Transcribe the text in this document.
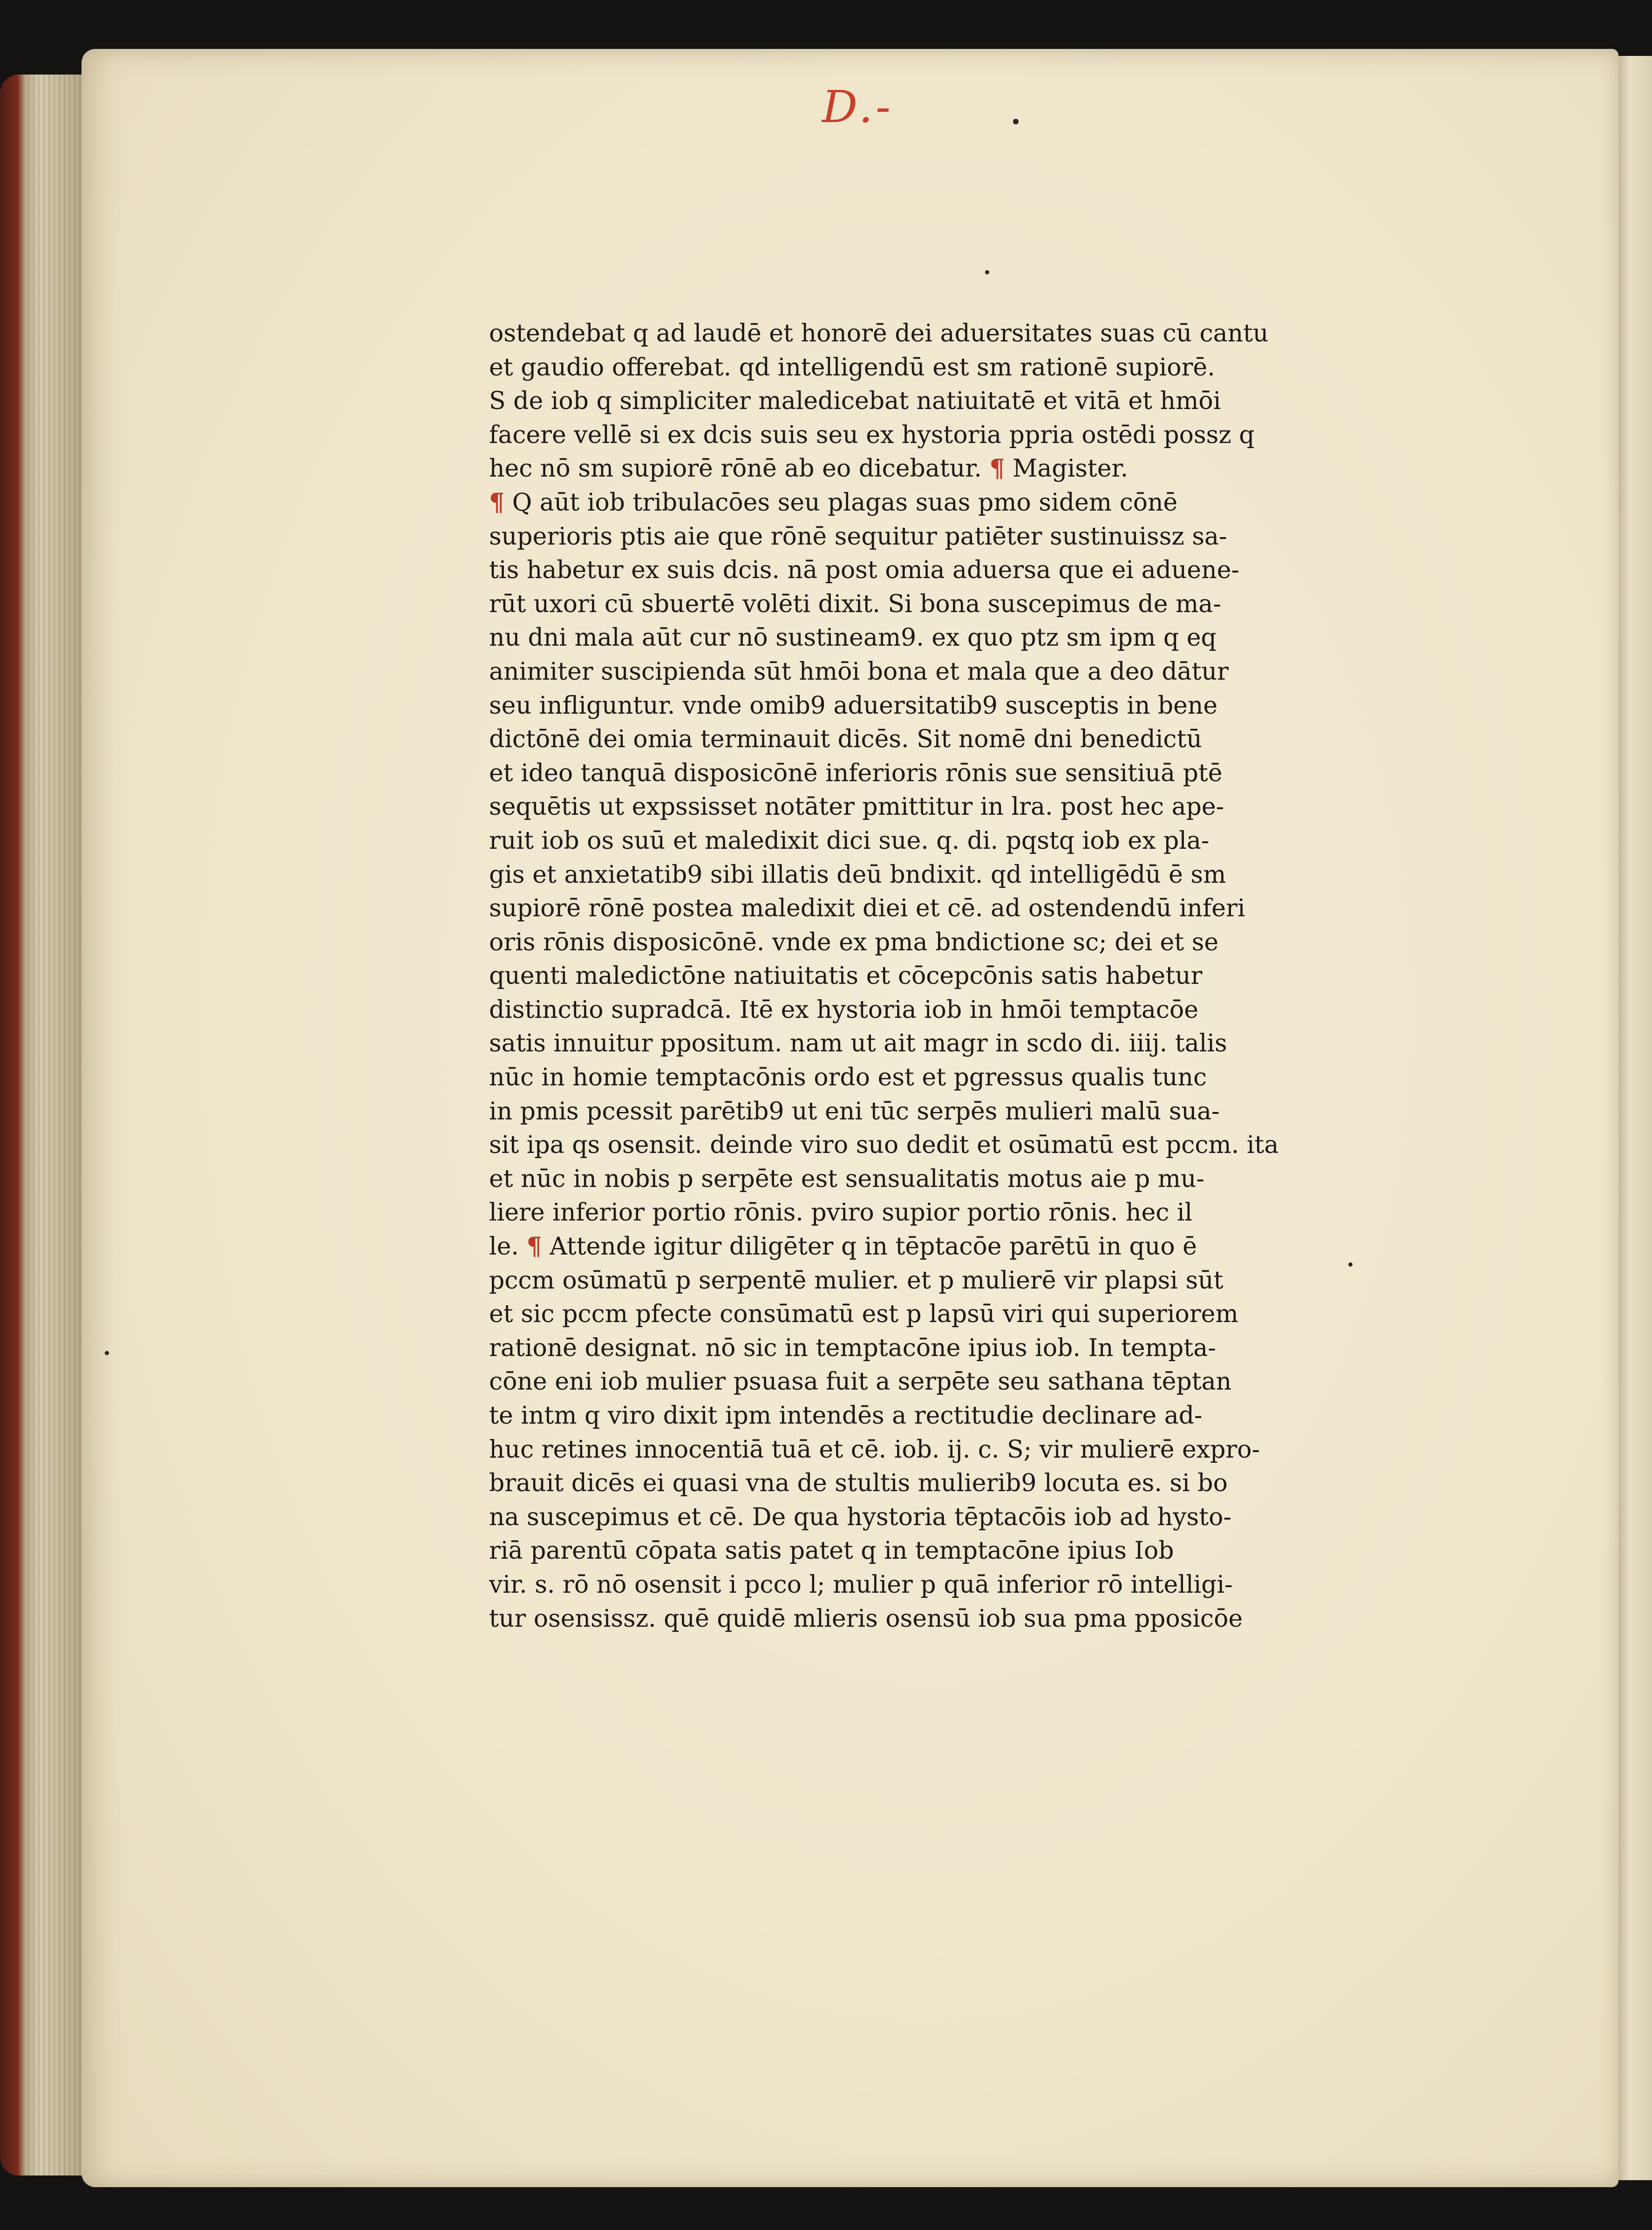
D.-
ostendebat q ad laudē et honorē dei aduersitates suas cū cantu
et gaudio offerebat. qd intelligendū est sm rationē supiorē.
S de iob q simpliciter maledicebat natiuitatē et vitā et hmōi
facere vellē si ex dcis suis seu ex hystoria ppria ostēdi possz q
hec nō sm supiorē rōnē ab eo dicebatur. ¶ Magister.
¶ Q aūt iob tribulacōes seu plagas suas pmo sidem cōnē
superioris ptis aie que rōnē sequitur patiēter sustinuissz sa-
tis habetur ex suis dcis. nā post omia aduersa que ei aduene-
rūt uxori cū sbuertē volēti dixit. Si bona suscepimus de ma-
nu dni mala aūt cur nō sustineam9. ex quo ptz sm ipm q eq
animiter suscipienda sūt hmōi bona et mala que a deo dātur
seu infliguntur. vnde omib9 aduersitatib9 susceptis in bene
dictōnē dei omia terminauit dicēs. Sit nomē dni benedictū
et ideo tanquā disposicōnē inferioris rōnis sue sensitiuā ptē
sequētis ut expssisset notāter pmittitur in lra. post hec ape-
ruit iob os suū et maledixit dici sue. q. di. pqstq iob ex pla-
gis et anxietatib9 sibi illatis deū bndixit. qd intelligēdū ē sm
supiorē rōnē postea maledixit diei et cē. ad ostendendū inferi
oris rōnis disposicōnē. vnde ex pma bndictione sc; dei et se
quenti maledictōne natiuitatis et cōcepcōnis satis habetur
distinctio supradcā. Itē ex hystoria iob in hmōi temptacōe
satis innuitur ppositum. nam ut ait magr in scdo di. iiij. talis
nūc in homie temptacōnis ordo est et pgressus qualis tunc
in pmis pcessit parētib9 ut eni tūc serpēs mulieri malū sua-
sit ipa qs osensit. deinde viro suo dedit et osūmatū est pccm. ita
et nūc in nobis p serpēte est sensualitatis motus aie p mu-
liere inferior portio rōnis. pviro supior portio rōnis. hec il
le. ¶ Attende igitur diligēter q in tēptacōe parētū in quo ē
pccm osūmatū p serpentē mulier. et p mulierē vir plapsi sūt
et sic pccm pfecte consūmatū est p lapsū viri qui superiorem
rationē designat. nō sic in temptacōne ipius iob. In tempta-
cōne eni iob mulier psuasa fuit a serpēte seu sathana tēptan
te intm q viro dixit ipm intendēs a rectitudie declinare ad-
huc retines innocentiā tuā et cē. iob. ij. c. S; vir mulierē expro-
brauit dicēs ei quasi vna de stultis mulierib9 locuta es. si bo
na suscepimus et cē. De qua hystoria tēptacōis iob ad hysto-
riā parentū cōpata satis patet q in temptacōne ipius Iob
vir. s. rō nō osensit i pcco l; mulier p quā inferior rō intelligi-
tur osensissz. quē quidē mlieris osensū iob sua pma pposicōe
